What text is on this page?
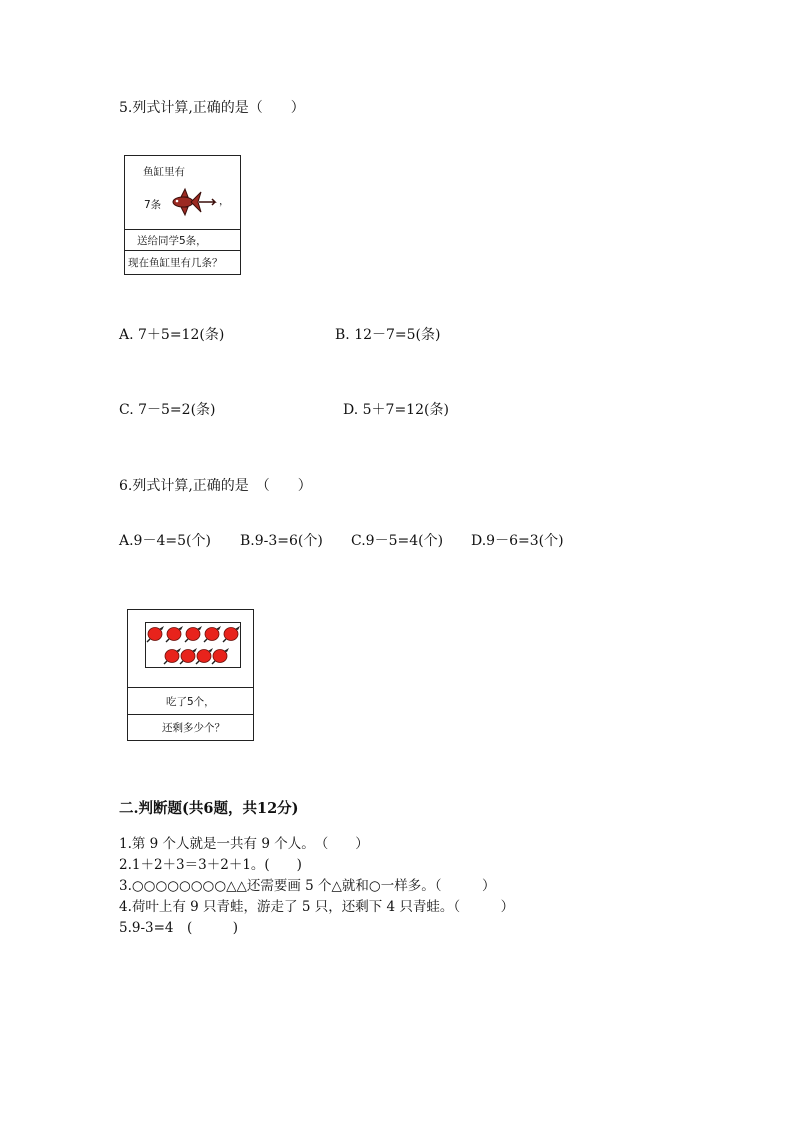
5.列式计算,正确的是（　　）
鱼缸里有
7条	，
送给同学5条，
现在鱼缸里有几条？
A. 7＋5=12(条)	B. 12－7=5(条)
C. 7－5=2(条)	D. 5＋7=12(条)
6.列式计算,正确的是　（　　）
A.9－4=5(个) B.9-3=6(个) C.9－5=4(个) D.9－6=3(个)
吃了5个，
还剩多少个？
二.判断题(共6题，共12分)
1.第 9 个人就是一共有 9 个人。　（　　）
2.1＋2＋3＝3＋2＋1。(　　)
3.○○○○○○○○△△还需要画 5 个△就和○一样多。（　　　）
4.荷叶上有 9 只青蛙，游走了 5 只，还剩下 4 只青蛙。（　　　）
5.9-3=4　(　　　)
